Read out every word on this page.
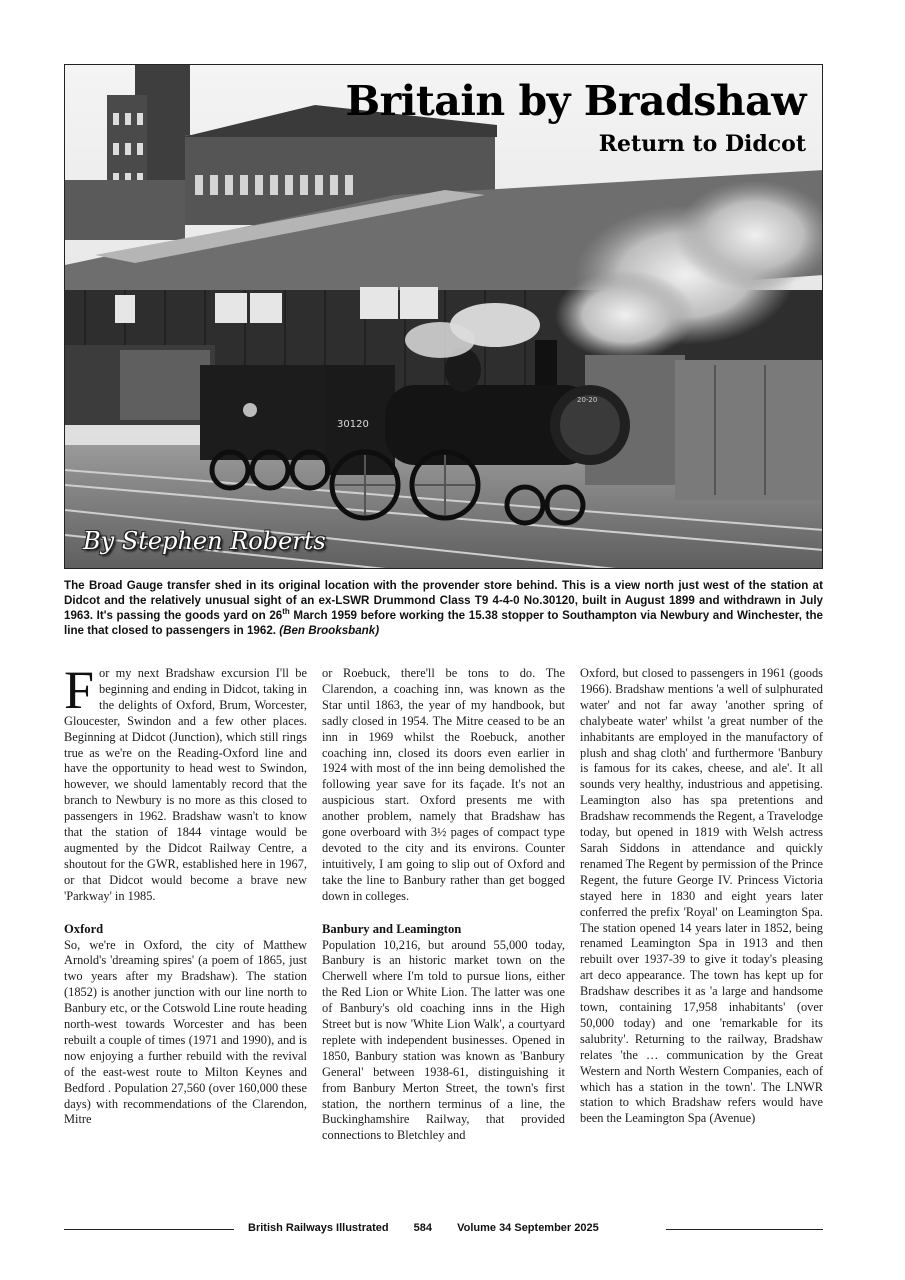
20-20
30120
Britain by Bradshaw
Return to Didcot
By Stephen Roberts
The Broad Gauge transfer shed in its original location with the provender store behind. This is a view north just west of the station at Didcot and the relatively unusual sight of an ex-LSWR Drummond Class T9 4-4-0 No.30120, built in August 1899 and withdrawn in July 1963. It's passing the goods yard on 26th March 1959 before working the 15.38 stopper to Southampton via Newbury and Winchester, the line that closed to passengers in 1962. (Ben Brooksbank)

For my next Bradshaw excursion I'll be beginning and ending in Didcot, taking in the delights of Oxford, Brum, Worcester, Gloucester, Swindon and a few other places. Beginning at Didcot (Junction), which still rings true as we're on the Reading-Oxford line and have the opportunity to head west to Swindon, however, we should lamentably record that the branch to Newbury is no more as this closed to passengers in 1962. Bradshaw wasn't to know that the station of 1844 vintage would be augmented by the Didcot Railway Centre, a shoutout for the GWR, established here in 1967, or that Didcot would become a brave new 'Parkway' in 1985.

Oxford

So, we're in Oxford, the city of Matthew Arnold's 'dreaming spires' (a poem of 1865, just two years after my Bradshaw). The station (1852) is another junction with our line north to Banbury etc, or the Cotswold Line route heading north-west towards Worcester and has been rebuilt a couple of times (1971 and 1990), and is now enjoying a further rebuild with the revival of the east-west route to Milton Keynes and Bedford . Population 27,560 (over 160,000 these days) with recommendations of the Clarendon, Mitre

or Roebuck, there'll be tons to do. The Clarendon, a coaching inn, was known as the Star until 1863, the year of my handbook, but sadly closed in 1954. The Mitre ceased to be an inn in 1969 whilst the Roebuck, another coaching inn, closed its doors even earlier in 1924 with most of the inn being demolished the following year save for its façade. It's not an auspicious start. Oxford presents me with another problem, namely that Bradshaw has gone overboard with 3½ pages of compact type devoted to the city and its environs. Counter intuitively, I am going to slip out of Oxford and take the line to Banbury rather than get bogged down in colleges.

Banbury and Leamington

Population 10,216, but around 55,000 today, Banbury is an historic market town on the Cherwell where I'm told to pursue lions, either the Red Lion or White Lion. The latter was one of Banbury's old coaching inns in the High Street but is now 'White Lion Walk', a courtyard replete with independent businesses. Opened in 1850, Banbury station was known as 'Banbury General' between 1938-61, distinguishing it from Banbury Merton Street, the town's first station, the northern terminus of a line, the Buckinghamshire Railway, that provided connections to Bletchley and

Oxford, but closed to passengers in 1961 (goods 1966). Bradshaw mentions 'a well of sulphurated water' and not far away 'another spring of chalybeate water' whilst 'a great number of the inhabitants are employed in the manufactory of plush and shag cloth' and furthermore 'Banbury is famous for its cakes, cheese, and ale'. It all sounds very healthy, industrious and appetising. Leamington also has spa pretentions and Bradshaw recommends the Regent, a Travelodge today, but opened in 1819 with Welsh actress Sarah Siddons in attendance and quickly renamed The Regent by permission of the Prince Regent, the future George IV. Princess Victoria stayed here in 1830 and eight years later conferred the prefix 'Royal' on Leamington Spa. The station opened 14 years later in 1852, being renamed Leamington Spa in 1913 and then rebuilt over 1937-39 to give it today's pleasing art deco appearance. The town has kept up for Bradshaw describes it as 'a large and handsome town, containing 17,958 inhabitants' (over 50,000 today) and one 'remarkable for its salubrity'. Returning to the railway, Bradshaw relates 'the … communication by the Great Western and North Western Companies, each of which has a station in the town'. The LNWR station to which Bradshaw refers would have been the Leamington Spa (Avenue)

British Railways Illustrated 584 Volume 34 September 2025
